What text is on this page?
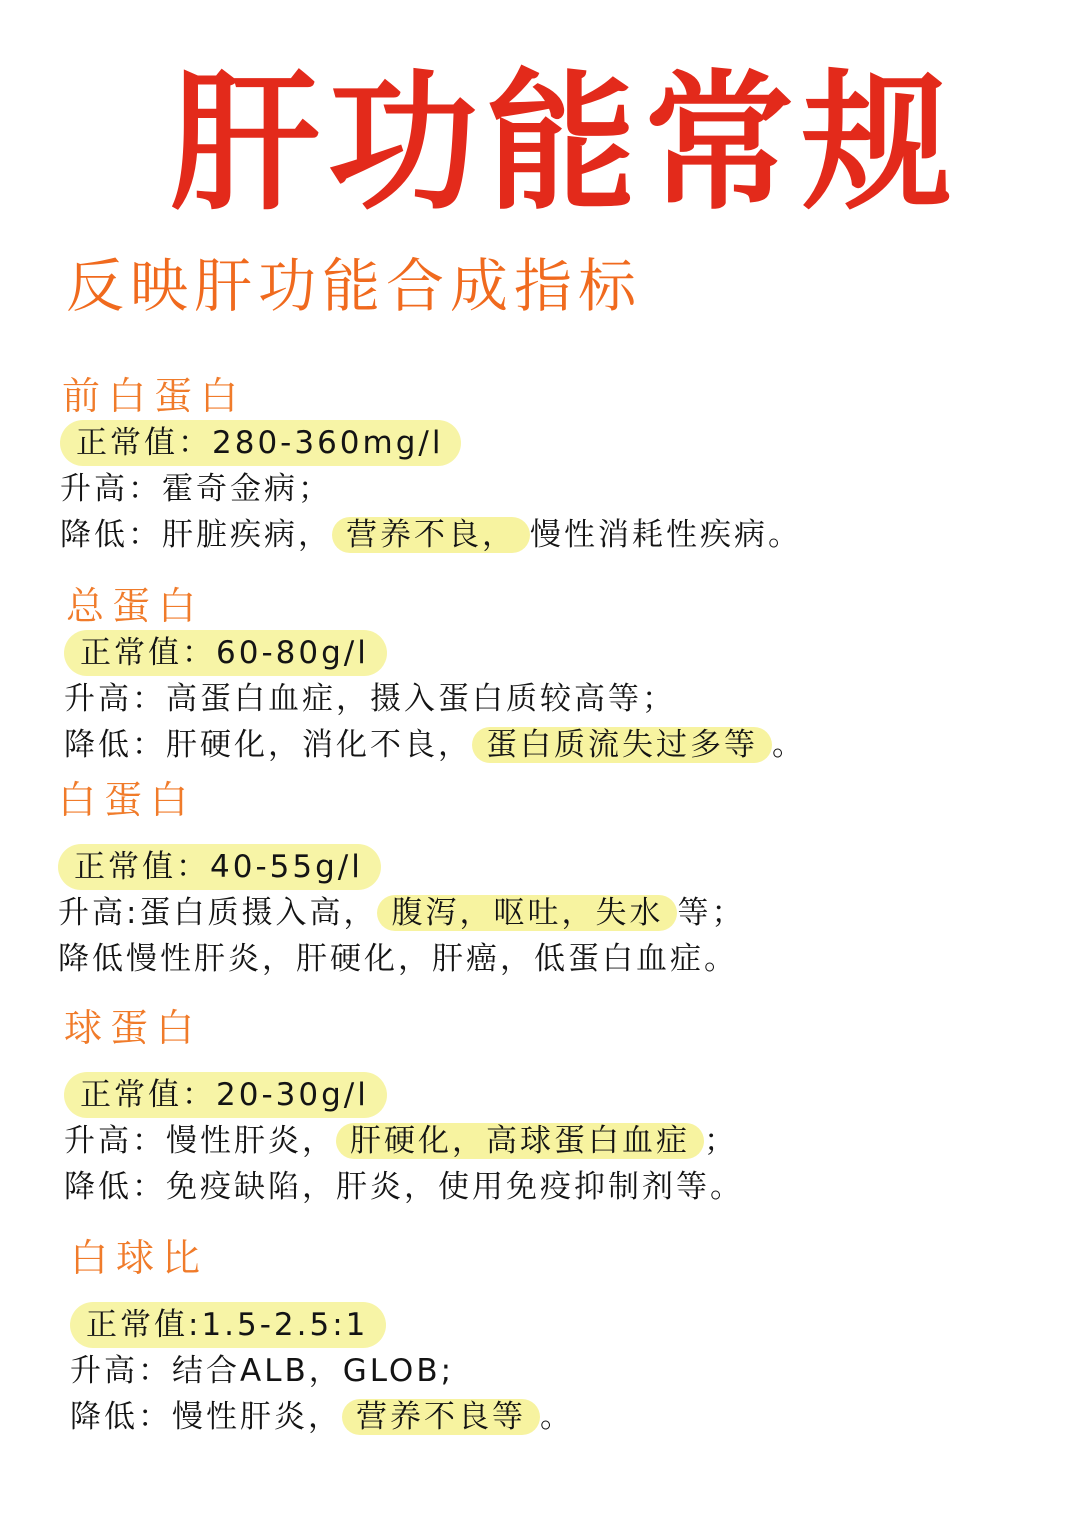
肝功能常规
反映肝功能合成指标

前白蛋白

正常值：280-360mg/l

升高：霍奇金病；

降低：肝脏疾病， 营养不良， 慢性消耗性疾病。

总蛋白

正常值：60-80g/l

升高：高蛋白血症，摄入蛋白质较高等；

降低：肝硬化，消化不良， 蛋白质流失过多等 。

白蛋白

正常值：40-55g/l

升高:蛋白质摄入高， 腹泻，呕吐，失水 等；

降低慢性肝炎，肝硬化，肝癌，低蛋白血症。

球蛋白

正常值：20-30g/l

升高：慢性肝炎， 肝硬化，高球蛋白血症 ；

降低：免疫缺陷，肝炎，使用免疫抑制剂等。

白球比

正常值:1.5-2.5:1

升高：结合ALB，GLOB;

降低：慢性肝炎， 营养不良等 。
